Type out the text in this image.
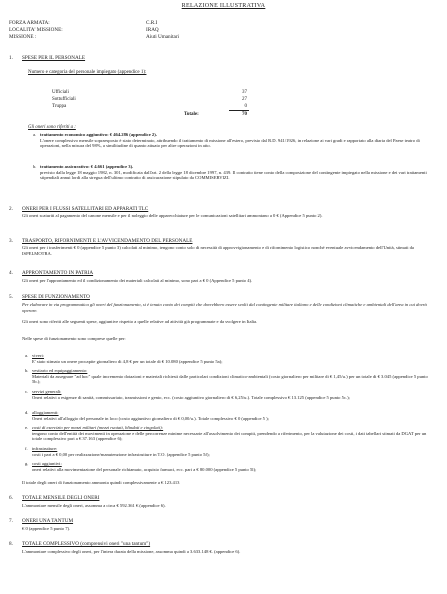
RELAZIONE ILLUSTRATIVA
FORZA ARMATA:	C.R.I
LOCALITA' MISSIONE:	IRAQ
MISSIONE :	Aiuti Umanitari
1. SPESE PER IL PERSONALE
Numero e categoria del personale impiegato (appendice 1):
Ufficiali	37
Sottufficiali	27
Truppa	0
Totale:	70
Gli oneri sono riferiti a :
a. trattamento economico aggiuntivo: € 464.286 (appendice 2).

L'onere complessivo mensile sopraesposto è stato determinato, attribuendo il trattamento di missione all'estero, previsto dal R.D. 941/1926, in relazione ai vari gradi e rapportato alla diaria del Paese teatro di operazioni, nella misura del 98%, a similitudine di quanto attuato per altre operazioni in atto.

b. trattamento assicurativo: € 4.661 (appendice 3).

previsto dalla legge 18 maggio 1982, n. 301, modificata dall'art. 2 della legge 18 dicembre 1997, n. 439. Il contratto tiene conto della composizione del contingente impiegato nella missione e dei vari trattamenti stipendiali annui lordi alla stregua dell'ultimo contratto di assicurazione stipulato da COMMISERVIZI.

2. ONERI PER I FLUSSI SATELLITARI ED APPARATI TLC
Gli oneri scaturiti al pagamento del canone mensile e per il noleggio delle apparecchiature per le comunicazioni satellitari ammontano a 0 € (Appendice 5 punto 2).
3. TRASPORTO, RIFORNIMENTI E L'AVVICENDAMENTO DEL PERSONALE
Gli oneri per i trasferimenti € 0 (appendice 5 punto 3) calcolati al minimo, tengono conto solo di necessità di approvvigionamento e di rifornimento logistico nonché eventuale avvicendamento dell'Unità, stimati da ISPELMOTRA.
4. APPRONTAMENTO IN PATRIA
Gli oneri per l'approntamento ed il condizionamento dei materiali calcolati al minimo, sono pari a € 0 (Appendice 5 punto 4).
5. SPESE DI FUNZIONAMENTO
Per elaborare in via programmatica gli oneri del funzionamento, si è tenuto conto dei compiti che dovrebbero essere svolti dal contingente militare italiano e delle condizioni climatiche e ambientali dell'area in cui dovrà operare.
Gli oneri sono riferiti alle seguenti spese, aggiuntive rispetto a quelle relative ad attività già programmate e da svolgere in Italia.
Nelle spese di funzionamento sono comprese quelle per:
a. viveri:

E' stato stimato un onere procapite giornaliero di 4,8 € per un totale di € 10.080 (appendice 5 punto 5a);

b. vestiario ed equipaggiamento:

Materiali da assegnare "ad hoc" quale incremento dotazioni e materiali richiesti dalle particolari condizioni climatico-ambientali (costo giornaliero per militare di € 1,45/u.) per un totale di € 3.045 (appendice 5 punto 5b.);

c. servizi generali:

Oneri relativi a esigenze di sanità, commissariato, trasmissioni e genio, ecc. (costo aggiuntivo giornaliero di € 6,25/u.). Totale complessivo € 13.125 (appendice 5 punto 5c.);

d. alloggiamenti:

Oneri relativi all'alloggio del personale in loco (costo aggiuntivo giornaliero di € 0,00/u.). Totale complessivo € 0 (appendice 5 );

e. costi di esercizio per mezzi militari (mezzi ruotati, blindati e cingolati):

tengono conto dell'entità dei movimenti in operazione e delle percorrenze minime necessarie all'assolvimento dei compiti, prendendo a riferimento, per la valutazione dei costi, i dati tabellari stimati da DGAT per un totale complessivo pari a € 37.163 (appendice 6);

f. infrastrutture:

costi i pari a € 0,00 per realizzazione/manutenzione infrastrutture in T.O. (appendice 5 punto 5f);

g. costi aggiuntivi:

oneri relativi alla movimentazione del personale richiamato, acquisto farmaci, ecc. pari a € 80.000 (appendice 5 punto 5l);

Il totale degli oneri di funzionamento ammonta quindi complessivamente a € 123.413
6. TOTALE MENSILE DEGLI ONERI
L'ammontare mensile degli oneri, assomma a circa € 592.361 € (appendice 6).
7. ONERI UNA TANTUM
€ 0 (appendice 5 punto 7).
8. TOTALE COMPLESSIVO (comprensivi oneri "una tantum")
L'ammontare complessivo degli oneri, per l'intera durata della missione, assomma quindi a 3.633.148 €. (appendice 6).
